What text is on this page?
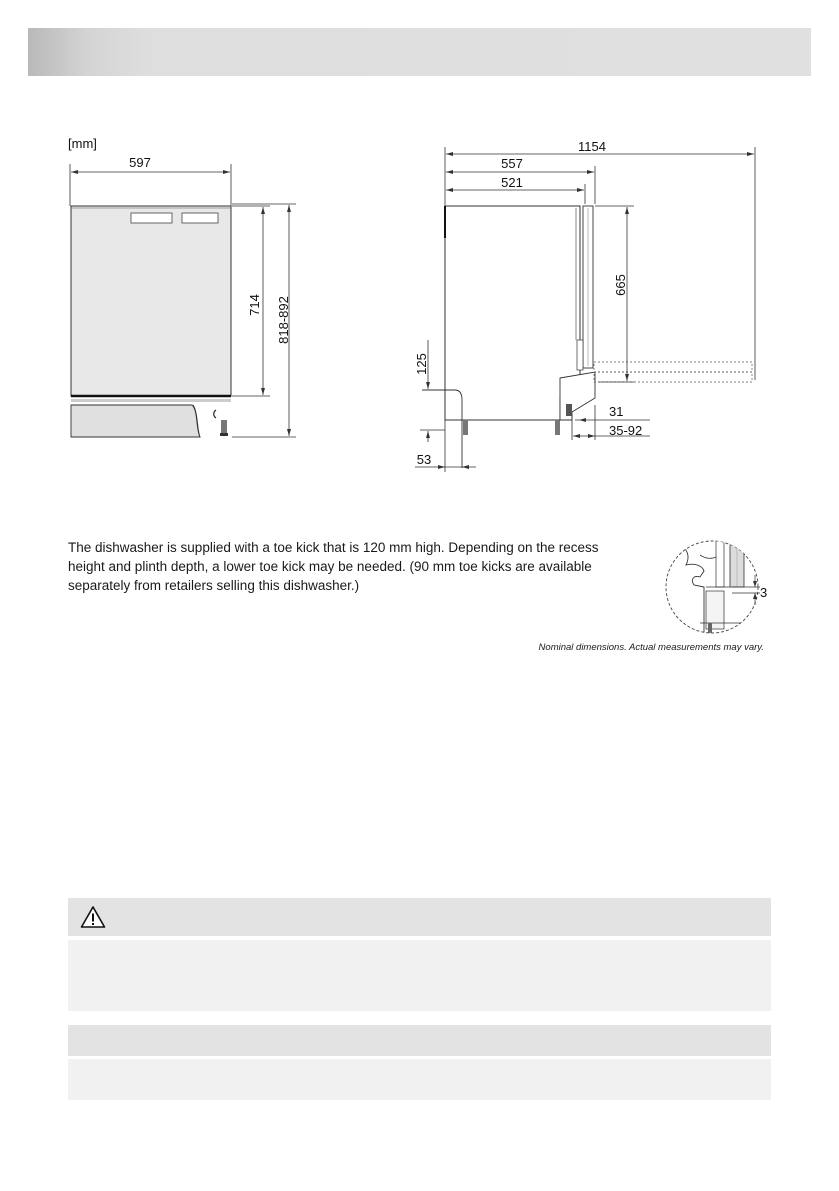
[mm]
597
714 818-892
1154
557
521
665
125
53
31
35-92

The dishwasher is supplied with a toe kick that is 120 mm high. Depending on the recess height and plinth depth, a lower toe kick may be needed. (90 mm toe kicks are available separately from retailers selling this dishwasher.)	3
Nominal dimensions. Actual measurements may vary.
